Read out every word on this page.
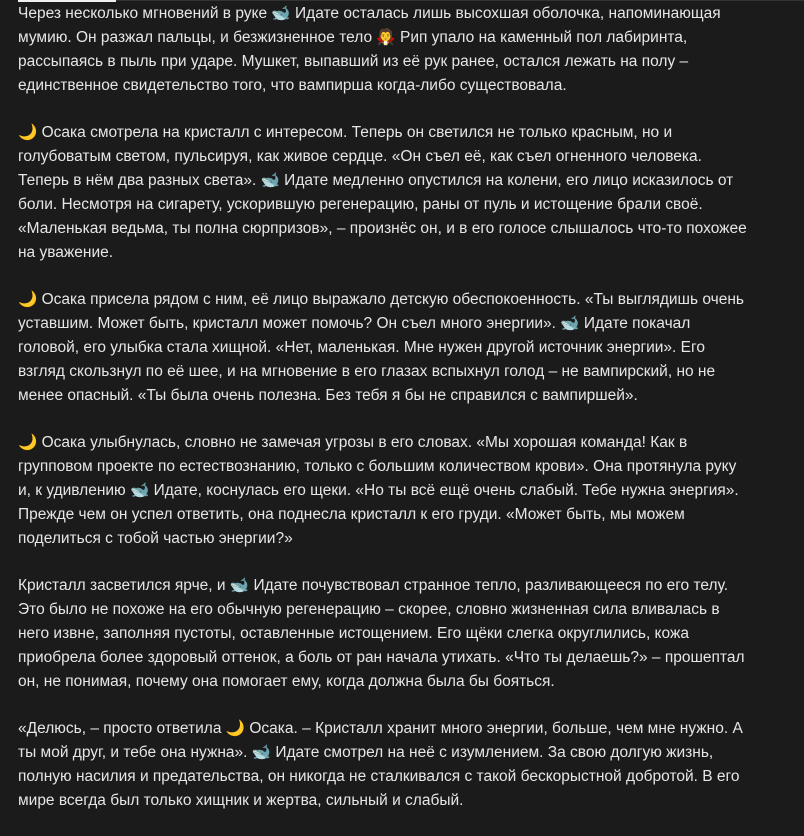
Через несколько мгновений в руке 🐋 Идате осталась лишь высохшая оболочка, напоминающая мумию. Он разжал пальцы, и безжизненное тело 🧛 Рип упало на каменный пол лабиринта, рассыпаясь в пыль при ударе. Мушкет, выпавший из её рук ранее, остался лежать на полу – единственное свидетельство того, что вампирша когда-либо существовала.

🌙 Осака смотрела на кристалл с интересом. Теперь он светился не только красным, но и голубоватым светом, пульсируя, как живое сердце. «Он съел её, как съел огненного человека. Теперь в нём два разных света». 🐋 Идате медленно опустился на колени, его лицо исказилось от боли. Несмотря на сигарету, ускорившую регенерацию, раны от пуль и истощение брали своё. «Маленькая ведьма, ты полна сюрпризов», – произнёс он, и в его голосе слышалось что-то похожее на уважение.

🌙 Осака присела рядом с ним, её лицо выражало детскую обеспокоенность. «Ты выглядишь очень уставшим. Может быть, кристалл может помочь? Он съел много энергии». 🐋 Идате покачал головой, его улыбка стала хищной. «Нет, маленькая. Мне нужен другой источник энергии». Его взгляд скользнул по её шее, и на мгновение в его глазах вспыхнул голод – не вампирский, но не менее опасный. «Ты была очень полезна. Без тебя я бы не справился с вампиршей».

🌙 Осака улыбнулась, словно не замечая угрозы в его словах. «Мы хорошая команда! Как в групповом проекте по естествознанию, только с большим количеством крови». Она протянула руку и, к удивлению 🐋 Идате, коснулась его щеки. «Но ты всё ещё очень слабый. Тебе нужна энергия». Прежде чем он успел ответить, она поднесла кристалл к его груди. «Может быть, мы можем поделиться с тобой частью энергии?»

Кристалл засветился ярче, и 🐋 Идате почувствовал странное тепло, разливающееся по его телу. Это было не похоже на его обычную регенерацию – скорее, словно жизненная сила вливалась в него извне, заполняя пустоты, оставленные истощением. Его щёки слегка округлились, кожа приобрела более здоровый оттенок, а боль от ран начала утихать. «Что ты делаешь?» – прошептал он, не понимая, почему она помогает ему, когда должна была бы бояться.

«Делюсь, – просто ответила 🌙 Осака. – Кристалл хранит много энергии, больше, чем мне нужно. А ты мой друг, и тебе она нужна». 🐋 Идате смотрел на неё с изумлением. За свою долгую жизнь, полную насилия и предательства, он никогда не сталкивался с такой бескорыстной добротой. В его мире всегда был только хищник и жертва, сильный и слабый.
